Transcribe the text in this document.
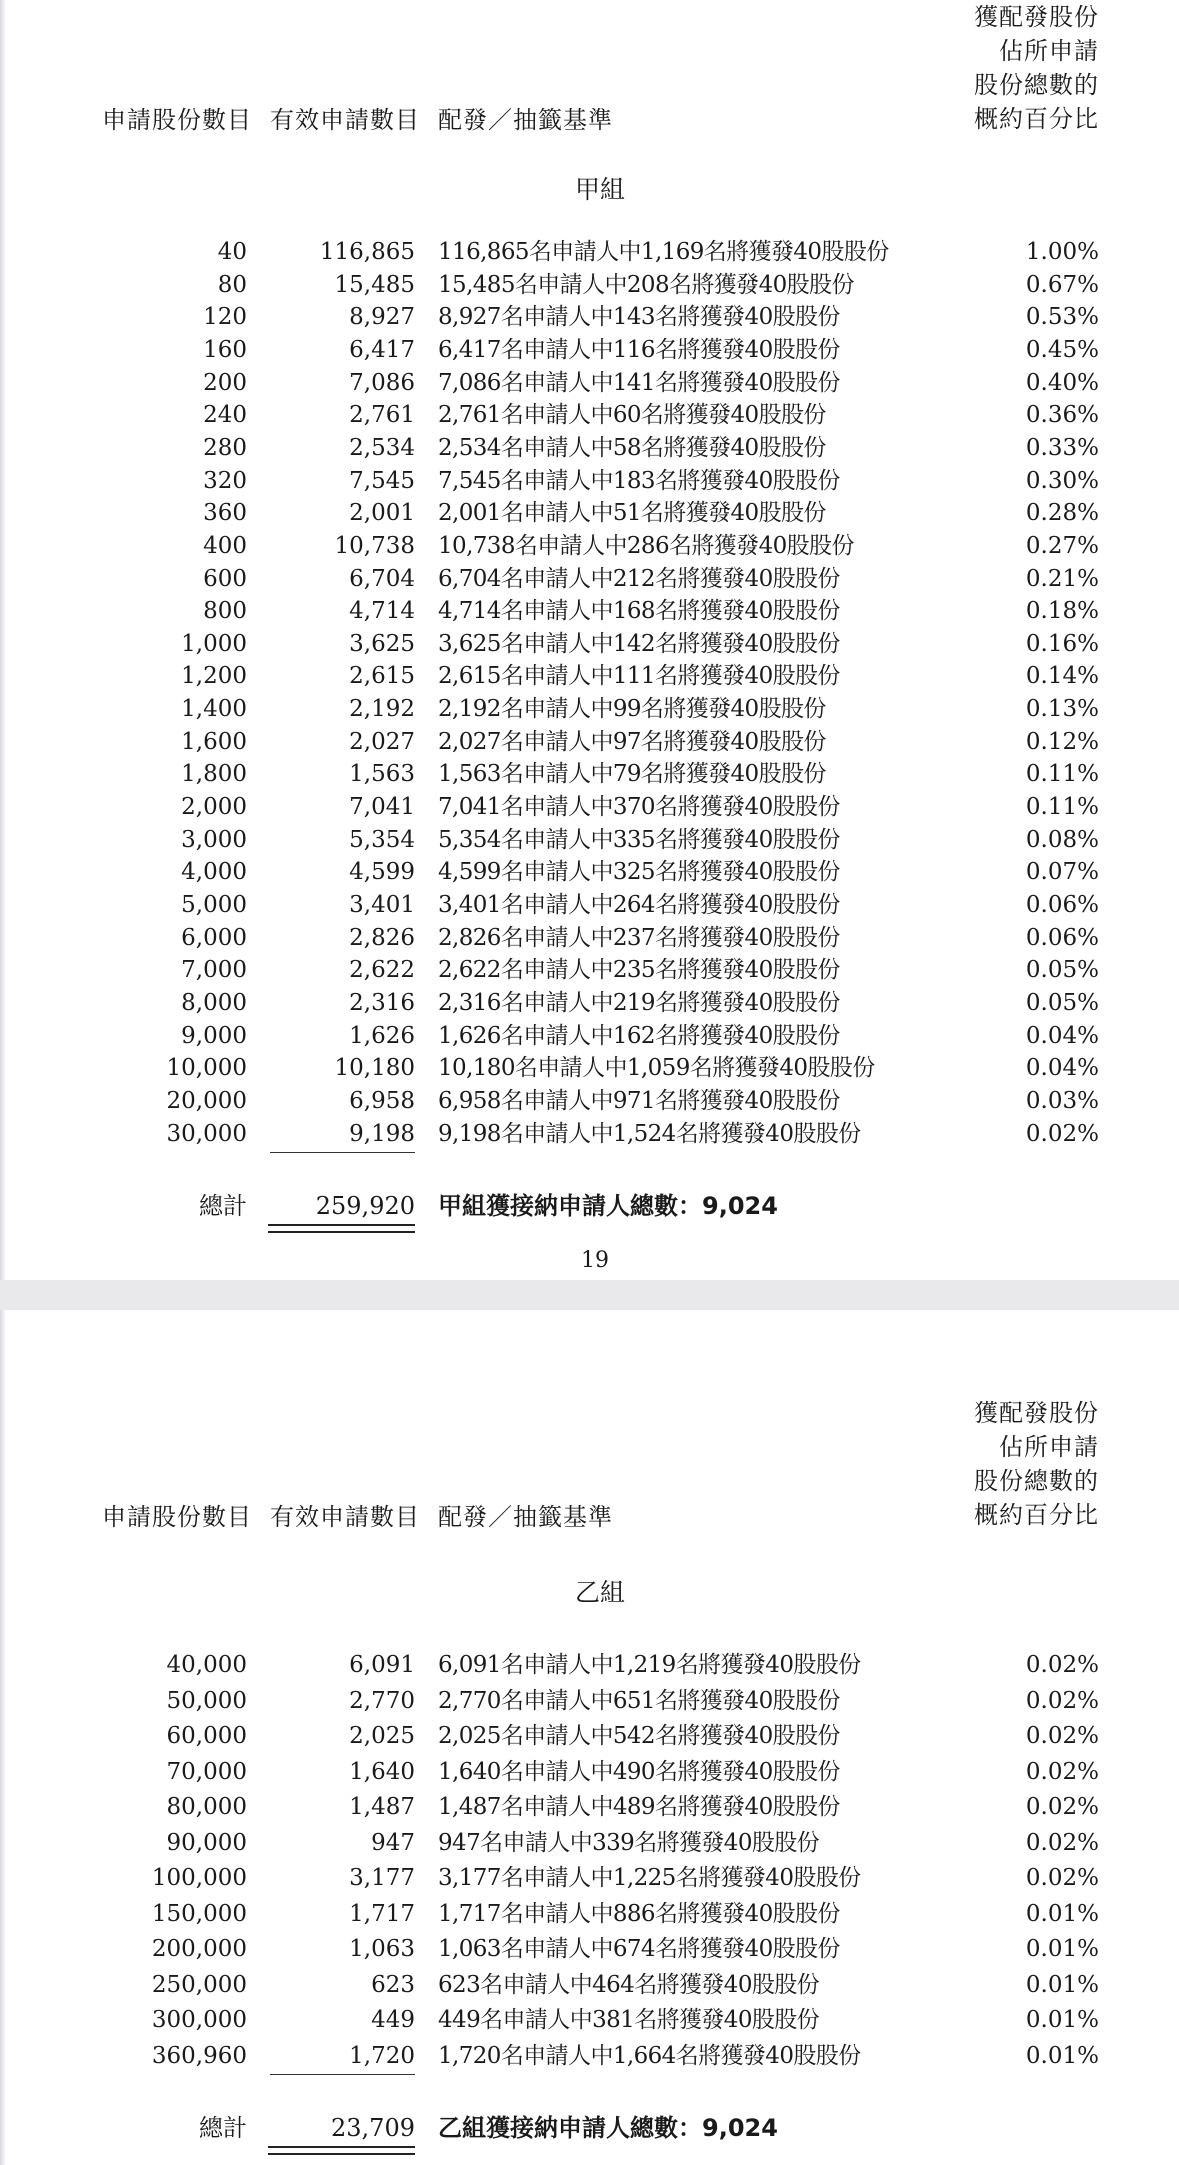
申請股份數目 有效申請數目 配發／抽籤基準
獲配發股份
佔所申請
股份總數的
概約百分比
甲組
40	116,865 116,865名申請人中1,169名將獲發40股股份	1.00%
80	15,485 15,485名申請人中208名將獲發40股股份	0.67%
120	8,927 8,927名申請人中143名將獲發40股股份	0.53%
160	6,417 6,417名申請人中116名將獲發40股股份	0.45%
200	7,086 7,086名申請人中141名將獲發40股股份	0.40%
240	2,761 2,761名申請人中60名將獲發40股股份	0.36%
280	2,534 2,534名申請人中58名將獲發40股股份	0.33%
320	7,545 7,545名申請人中183名將獲發40股股份	0.30%
360	2,001 2,001名申請人中51名將獲發40股股份	0.28%
400	10,738 10,738名申請人中286名將獲發40股股份	0.27%
600	6,704 6,704名申請人中212名將獲發40股股份	0.21%
800	4,714 4,714名申請人中168名將獲發40股股份	0.18%
1,000	3,625 3,625名申請人中142名將獲發40股股份	0.16%
1,200	2,615 2,615名申請人中111名將獲發40股股份	0.14%
1,400	2,192 2,192名申請人中99名將獲發40股股份	0.13%
1,600	2,027 2,027名申請人中97名將獲發40股股份	0.12%
1,800	1,563 1,563名申請人中79名將獲發40股股份	0.11%
2,000	7,041 7,041名申請人中370名將獲發40股股份	0.11%
3,000	5,354 5,354名申請人中335名將獲發40股股份	0.08%
4,000	4,599 4,599名申請人中325名將獲發40股股份	0.07%
5,000	3,401 3,401名申請人中264名將獲發40股股份	0.06%
6,000	2,826 2,826名申請人中237名將獲發40股股份	0.06%
7,000	2,622 2,622名申請人中235名將獲發40股股份	0.05%
8,000	2,316 2,316名申請人中219名將獲發40股股份	0.05%
9,000	1,626 1,626名申請人中162名將獲發40股股份	0.04%
10,000	10,180 10,180名申請人中1,059名將獲發40股股份	0.04%
20,000	6,958 6,958名申請人中971名將獲發40股股份	0.03%
30,000	9,198 9,198名申請人中1,524名將獲發40股股份	0.02%
總計	259,920 甲組獲接納申請人總數：9,024
19
獲配發股份
佔所申請
股份總數的
概約百分比
申請股份數目 有效申請數目 配發／抽籤基準
乙組
40,000	6,091 6,091名申請人中1,219名將獲發40股股份	0.02%
50,000	2,770 2,770名申請人中651名將獲發40股股份	0.02%
60,000	2,025 2,025名申請人中542名將獲發40股股份	0.02%
70,000	1,640 1,640名申請人中490名將獲發40股股份	0.02%
80,000	1,487 1,487名申請人中489名將獲發40股股份	0.02%
90,000	947 947名申請人中339名將獲發40股股份	0.02%
100,000	3,177 3,177名申請人中1,225名將獲發40股股份	0.02%
150,000	1,717 1,717名申請人中886名將獲發40股股份	0.01%
200,000	1,063 1,063名申請人中674名將獲發40股股份	0.01%
250,000	623 623名申請人中464名將獲發40股股份	0.01%
300,000	449 449名申請人中381名將獲發40股股份	0.01%
360,960	1,720 1,720名申請人中1,664名將獲發40股股份	0.01%
總計	23,709 乙組獲接納申請人總數：9,024
